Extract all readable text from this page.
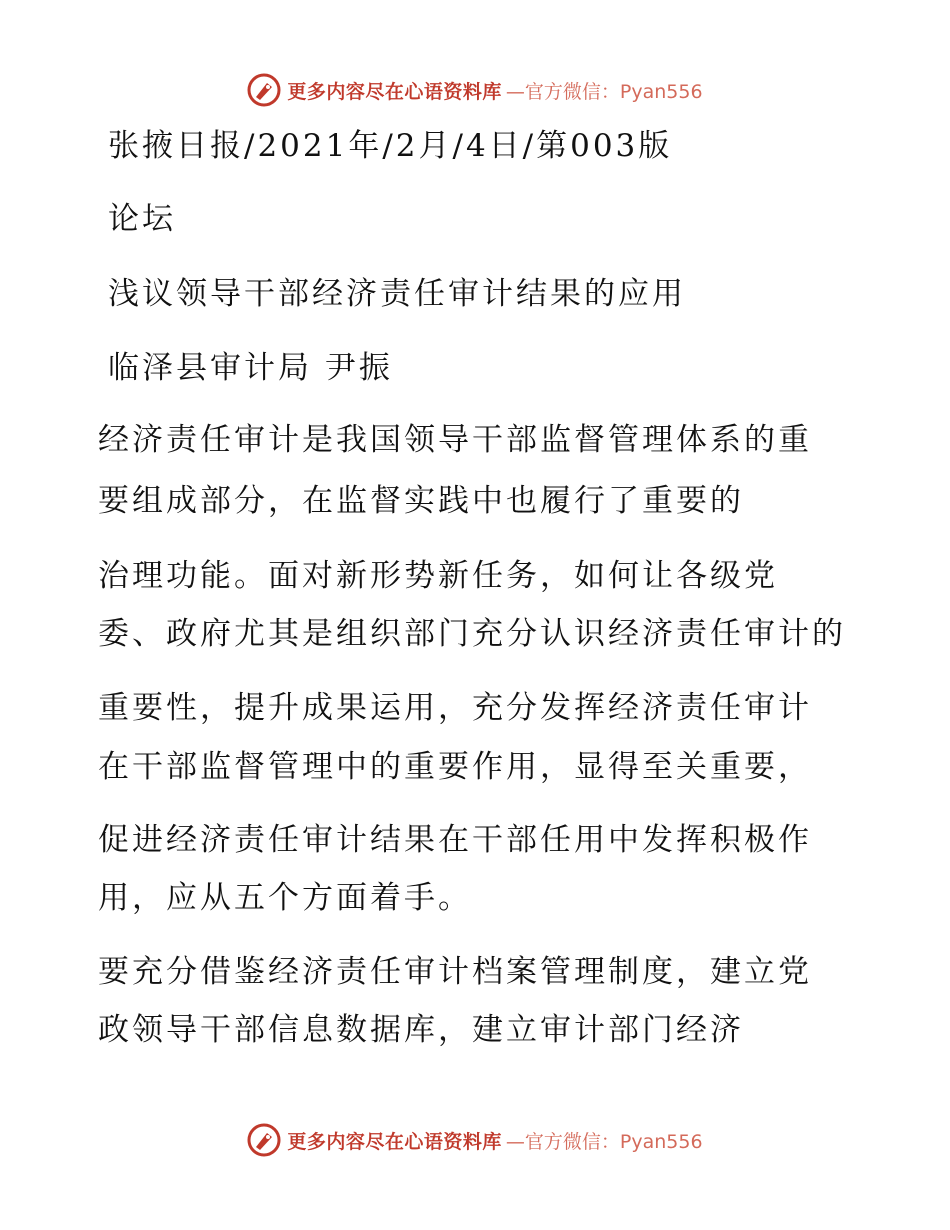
更多内容尽在心语资料库 —官方微信：Pyan556
张掖日报/2021年/2月/4日/第003版
论坛
浅议领导干部经济责任审计结果的应用
临泽县审计局 尹振
经济责任审计是我国领导干部监督管理体系的重
要组成部分，在监督实践中也履行了重要的
治理功能。面对新形势新任务，如何让各级党
委、政府尤其是组织部门充分认识经济责任审计的
重要性，提升成果运用，充分发挥经济责任审计
在干部监督管理中的重要作用，显得至关重要，
促进经济责任审计结果在干部任用中发挥积极作
用，应从五个方面着手。
要充分借鉴经济责任审计档案管理制度，建立党
政领导干部信息数据库，建立审计部门经济
更多内容尽在心语资料库 —官方微信：Pyan556
